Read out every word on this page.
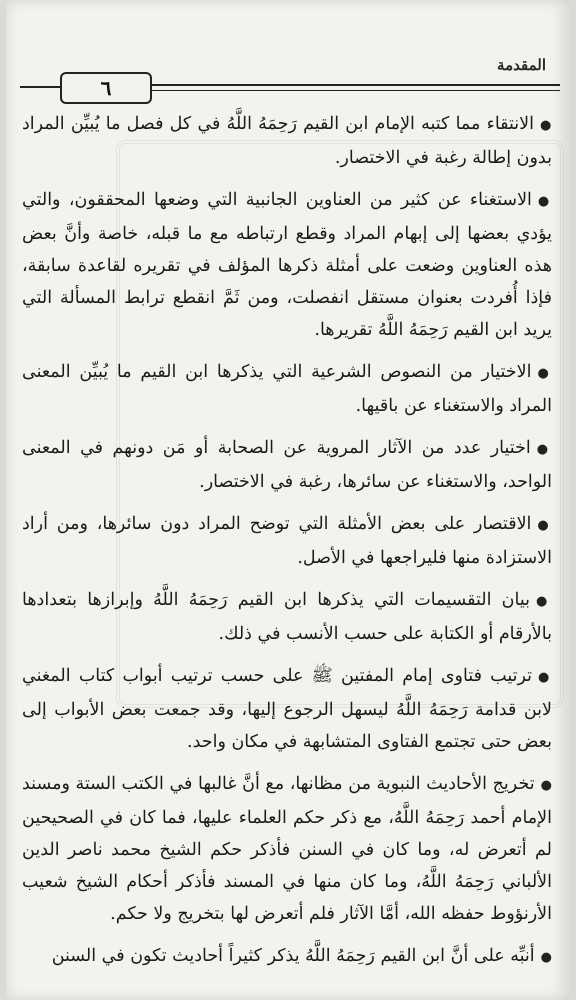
المقدمة
٦

●الانتقاء مما كتبه الإمام ابن القيم رَحِمَهُ اللَّهُ في كل فصل ما يُبيِّن المراد بدون إطالة رغبة في الاختصار.

●الاستغناء عن كثير من العناوين الجانبية التي وضعها المحققون، والتي يؤدي بعضها إلى إبهام المراد وقطع ارتباطه مع ما قبله، خاصة وأنَّ بعض هذه العناوين وضعت على أمثلة ذكرها المؤلف في تقريره لقاعدة سابقة، فإذا أُفردت بعنوان مستقل انفصلت، ومن ثَمَّ انقطع ترابط المسألة التي يريد ابن القيم رَحِمَهُ اللَّهُ تقريرها.

●الاختيار من النصوص الشرعية التي يذكرها ابن القيم ما يُبيِّن المعنى المراد والاستغناء عن باقيها.

●اختيار عدد من الآثار المروية عن الصحابة أو مَن دونهم في المعنى الواحد، والاستغناء عن سائرها، رغبة في الاختصار.

●الاقتصار على بعض الأمثلة التي توضح المراد دون سائرها، ومن أراد الاستزادة منها فليراجعها في الأصل.

●بيان التقسيمات التي يذكرها ابن القيم رَحِمَهُ اللَّهُ وإبرازها بتعدادها بالأرقام أو الكتابة على حسب الأنسب في ذلك.

●ترتيب فتاوى إمام المفتين ﷺ على حسب ترتيب أبواب كتاب المغني لابن قدامة رَحِمَهُ اللَّهُ ليسهل الرجوع إليها، وقد جمعت بعض الأبواب إلى بعض حتى تجتمع الفتاوى المتشابهة في مكان واحد.

●تخريج الأحاديث النبوية من مظانها، مع أنَّ غالبها في الكتب الستة ومسند الإمام أحمد رَحِمَهُ اللَّهُ، مع ذكر حكم العلماء عليها، فما كان في الصحيحين لم أتعرض له، وما كان في السنن فأذكر حكم الشيخ محمد ناصر الدين الألباني رَحِمَهُ اللَّهُ، وما كان منها في المسند فأذكر أحكام الشيخ شعيب الأرنؤوط حفظه الله، أمَّا الآثار فلم أتعرض لها بتخريج ولا حكم.

●أنبِّه على أنَّ ابن القيم رَحِمَهُ اللَّهُ يذكر كثيراً أحاديث تكون في السنن
